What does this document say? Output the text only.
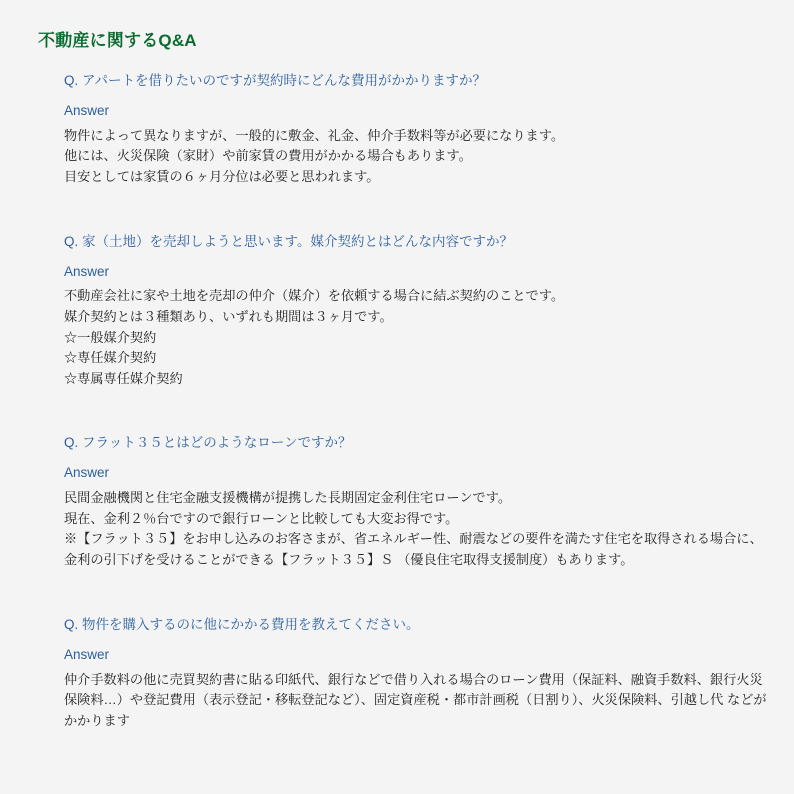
不動産に関するQ&A
Q. アパートを借りたいのですが契約時にどんな費用がかかりますか？
Answer
物件によって異なりますが、一般的に敷金、礼金、仲介手数料等が必要になります。
他には、火災保険（家財）や前家賃の費用がかかる場合もあります。
目安としては家賃の６ヶ月分位は必要と思われます。
Q. 家（土地）を売却しようと思います。媒介契約とはどんな内容ですか？
Answer
不動産会社に家や土地を売却の仲介（媒介）を依頼する場合に結ぶ契約のことです。
媒介契約とは３種類あり、いずれも期間は３ヶ月です。
☆一般媒介契約
☆専任媒介契約
☆専属専任媒介契約
Q. フラット３５とはどのようなローンですか？
Answer
民間金融機関と住宅金融支援機構が提携した長期固定金利住宅ローンです。
現在、金利２％台ですので銀行ローンと比較しても大変お得です。
※【フラット３５】をお申し込みのお客さまが、省エネルギー性、耐震などの要件を満たす住宅を取得される場合に、金利の引下げを受けることができる【フラット３５】Ｓ （優良住宅取得支援制度）もあります。
Q. 物件を購入するのに他にかかる費用を教えてください。
Answer
仲介手数料の他に売買契約書に貼る印紙代、銀行などで借り入れる場合のローン費用（保証料、融資手数料、銀行火災保険料…）や登記費用（表示登記・移転登記など）、固定資産税・都市計画税（日割り）、火災保険料、引越し代 などがかかります
